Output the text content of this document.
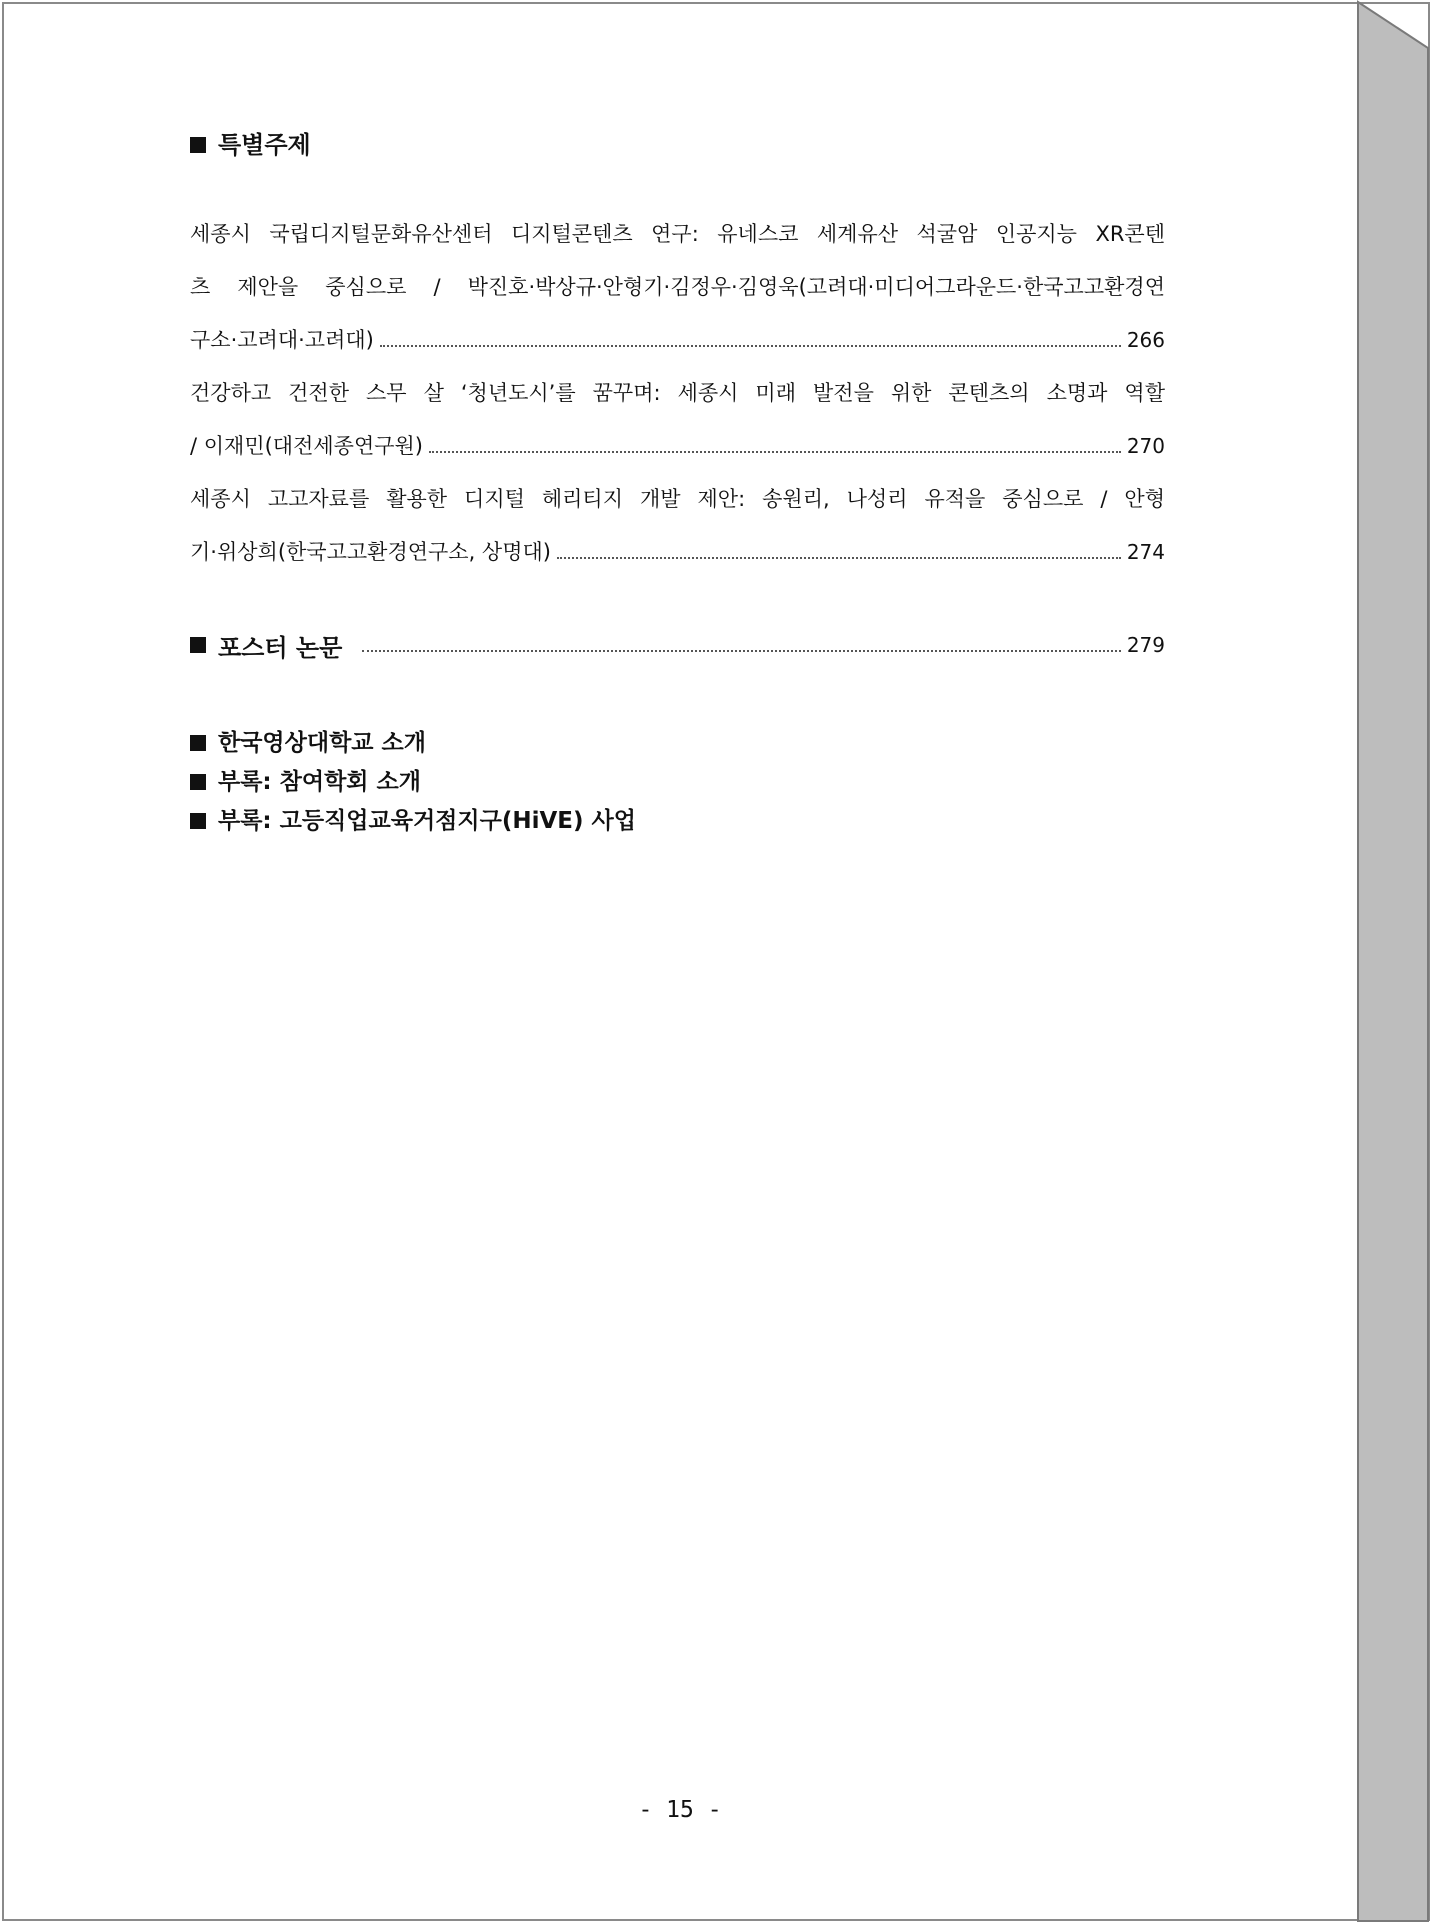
특별주제
세종시 국립디지털문화유산센터 디지털콘텐츠 연구: 유네스코 세계유산 석굴암 인공지능 XR콘텐
츠 제안을 중심으로 / 박진호·박상규·안형기·김정우·김영욱(고려대·미디어그라운드·한국고고환경연
구소·고려대·고려대)	266
건강하고 건전한 스무 살 ‘청년도시’를 꿈꾸며: 세종시 미래 발전을 위한 콘텐츠의 소명과 역할
/ 이재민(대전세종연구원)	270
세종시 고고자료를 활용한 디지털 헤리티지 개발 제안: 송원리, 나성리 유적을 중심으로 / 안형
기·위상희(한국고고환경연구소, 상명대)	274
포스터 논문	279
한국영상대학교 소개
부록: 참여학회 소개
부록: 고등직업교육거점지구(HiVE) 사업
- 15 -
